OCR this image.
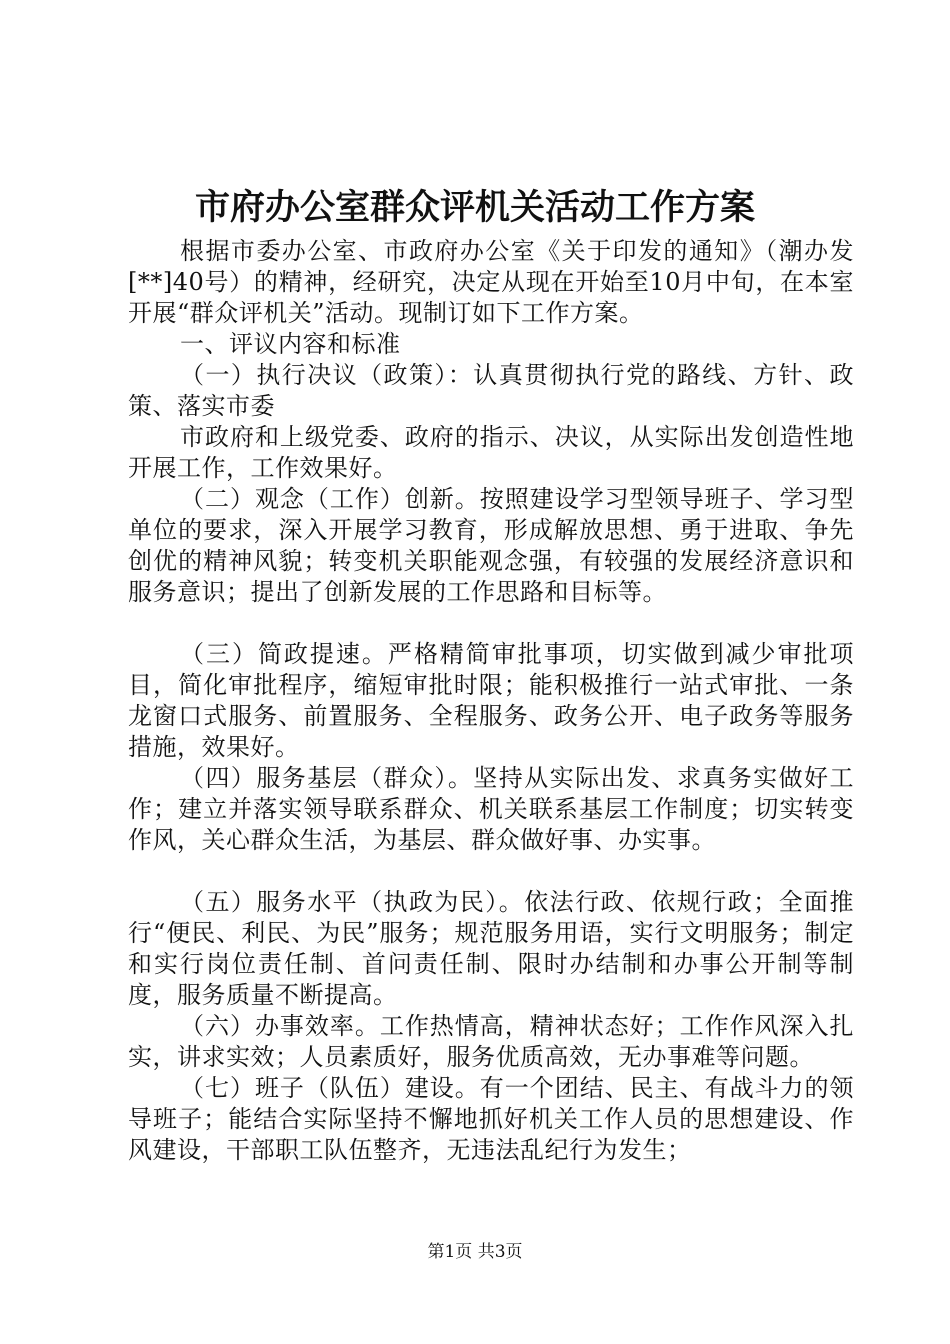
市府办公室群众评机关活动工作方案

根据市委办公室、市政府办公室《关于印发的通知》（潮办发[**]40号）的精神，经研究，决定从现在开始至10月中旬，在本室开展“群众评机关”活动。现制订如下工作方案。

一、评议内容和标准

（一）执行决议（政策）：认真贯彻执行党的路线、方针、政策、落实市委

市政府和上级党委、政府的指示、决议，从实际出发创造性地开展工作，工作效果好。

（二）观念（工作）创新。按照建设学习型领导班子、学习型单位的要求，深入开展学习教育，形成解放思想、勇于进取、争先创优的精神风貌；转变机关职能观念强，有较强的发展经济意识和服务意识；提出了创新发展的工作思路和目标等。

（三）简政提速。严格精简审批事项，切实做到减少审批项目，简化审批程序，缩短审批时限；能积极推行一站式审批、一条龙窗口式服务、前置服务、全程服务、政务公开、电子政务等服务措施，效果好。

（四）服务基层（群众）。坚持从实际出发、求真务实做好工作；建立并落实领导联系群众、机关联系基层工作制度；切实转变作风，关心群众生活，为基层、群众做好事、办实事。

（五）服务水平（执政为民）。依法行政、依规行政；全面推行“便民、利民、为民”服务；规范服务用语，实行文明服务；制定和实行岗位责任制、首问责任制、限时办结制和办事公开制等制度，服务质量不断提高。

（六）办事效率。工作热情高，精神状态好；工作作风深入扎实，讲求实效；人员素质好，服务优质高效，无办事难等问题。

（七）班子（队伍）建设。有一个团结、民主、有战斗力的领导班子；能结合实际坚持不懈地抓好机关工作人员的思想建设、作风建设，干部职工队伍整齐，无违法乱纪行为发生；

第1页 共3页
